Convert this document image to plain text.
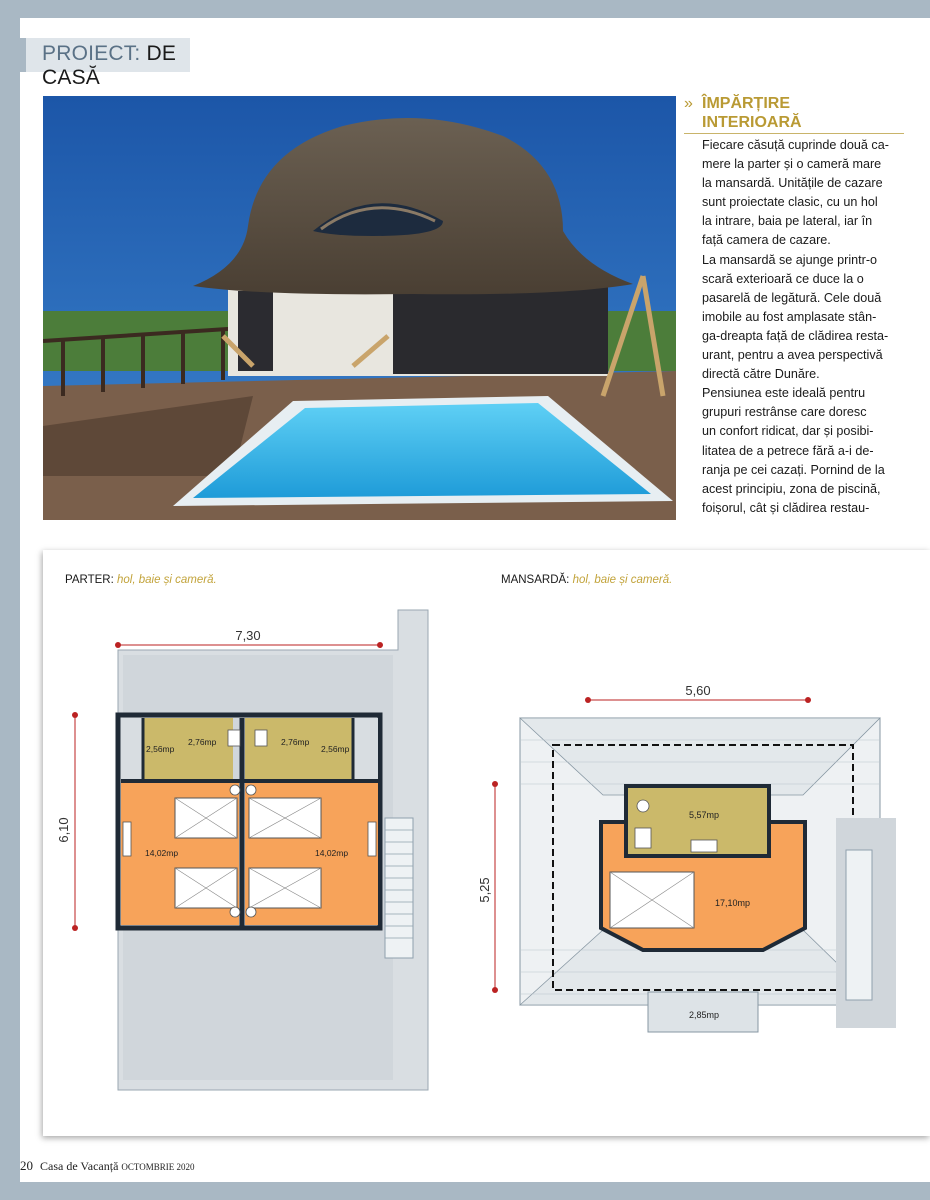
PROIECT: DE CASĂ
» ÎMPĂRȚIRE
INTERIOARĂ

Fiecare căsuță cuprinde două ca-

mere la parter și o cameră mare

la mansardă. Unitățile de cazare

sunt proiectate clasic, cu un hol

la intrare, baia pe lateral, iar în

față camera de cazare.

La mansardă se ajunge printr-o

scară exterioară ce duce la o

pasarelă de legătură. Cele două

imobile au fost amplasate stân-

ga-dreapta față de clădirea resta-

urant, pentru a avea perspectivă

directă către Dunăre.

Pensiunea este ideală pentru

grupuri restrânse care doresc

un confort ridicat, dar și posibi-

litatea de a petrece fără a-i de-

ranja pe cei cazați. Pornind de la

acest principiu, zona de piscină,

foișorul, cât și clădirea restau-

PARTER: hol, baie și cameră.	MANSARDĂ: hol, baie și cameră.
7,30
6,10
2,56mp
2,76mp	2,76mp
2,56mp
14,02mp	14,02mp
5,60
5,25
5,57mp
17,10mp
2,85mp
20 Casa de Vacanță OCTOMBRIE 2020
